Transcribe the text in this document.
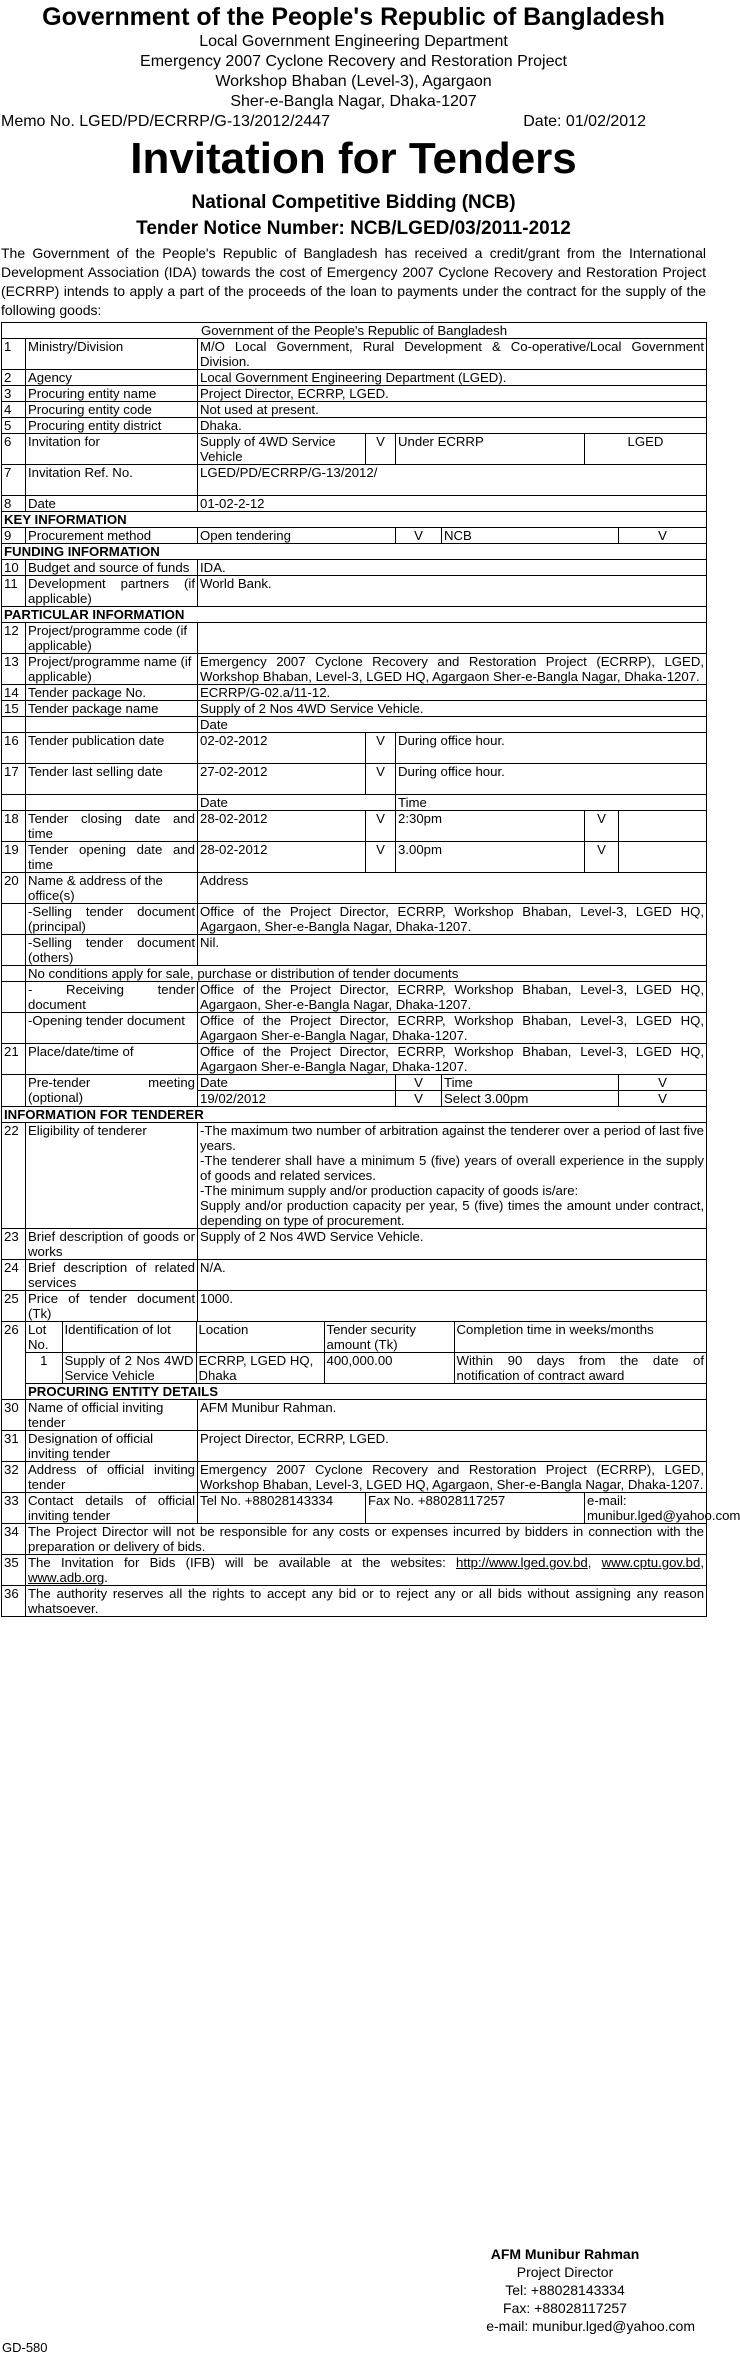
Government of the People's Republic of Bangladesh

Local Government Engineering Department

Emergency 2007 Cyclone Recovery and Restoration Project

Workshop Bhaban (Level-3), Agargaon

Sher-e-Bangla Nagar, Dhaka-1207

Memo No. LGED/PD/ECRRP/G-13/2012/2447	Date: 01/02/2012

Invitation for Tenders

National Competitive Bidding (NCB)

Tender Notice Number: NCB/LGED/03/2011-2012

The Government of the People's Republic of Bangladesh has received a credit/grant from the International Development Association (IDA) towards the cost of Emergency 2007 Cyclone Recovery and Restoration Project (ECRRP) intends to apply a part of the proceeds of the loan to payments under the contract for the supply of the following goods:

Government of the People's Republic of Bangladesh
1	Ministry/Division	M/O Local Government, Rural Development & Co-operative/Local Government Division.
2	Agency	Local Government Engineering Department (LGED).
3	Procuring entity name	Project Director, ECRRP, LGED.
4	Procuring entity code	Not used at present.
5	Procuring entity district	Dhaka.
6	Invitation for	Supply of 4WD Service Vehicle	V	Under ECRRP	LGED
7	Invitation Ref. No.	LGED/PD/ECRRP/G-13/2012/
8	Date	01-02-2-12
KEY INFORMATION
9	Procurement method	Open tendering	V	NCB	V
FUNDING INFORMATION
10	Budget and source of funds	IDA.
11	Development partners (if applicable)	World Bank.
PARTICULAR INFORMATION
12	Project/programme code (if applicable)	
13	Project/programme name (if applicable)	Emergency 2007 Cyclone Recovery and Restoration Project (ECRRP), LGED, Workshop Bhaban, Level-3, LGED HQ, Agargaon Sher-e-Bangla Nagar, Dhaka-1207.
14	Tender package No.	ECRRP/G-02.a/11-12.
15	Tender package name	Supply of 2 Nos 4WD Service Vehicle.
		Date
16	Tender publication date	02-02-2012	V	During office hour.
17	Tender last selling date	27-02-2012	V	During office hour.
		Date	Time
18	Tender closing date and time	28-02-2012	V	2:30pm	V	
19	Tender opening date and time	28-02-2012	V	3.00pm	V	
20	Name & address of the office(s)	Address
	-Selling tender document (principal)	Office of the Project Director, ECRRP, Workshop Bhaban, Level-3, LGED HQ, Agargaon, Sher-e-Bangla Nagar, Dhaka-1207.
	-Selling tender document (others)	Nil.
	No conditions apply for sale, purchase or distribution of tender documents
	- Receiving tender document	Office of the Project Director, ECRRP, Workshop Bhaban, Level-3, LGED HQ, Agargaon, Sher-e-Bangla Nagar, Dhaka-1207.
	-Opening tender document	Office of the Project Director, ECRRP, Workshop Bhaban, Level-3, LGED HQ, Agargaon Sher-e-Bangla Nagar, Dhaka-1207.
21	Place/date/time of	Office of the Project Director, ECRRP, Workshop Bhaban, Level-3, LGED HQ, Agargaon Sher-e-Bangla Nagar, Dhaka-1207.
	Pre-tender meeting (optional)	Date	V	Time	V
19/02/2012	V	Select 3.00pm	V
INFORMATION FOR TENDERER
22	Eligibility of tenderer	-The maximum two number of arbitration against the tenderer over a period of last five years.
-The tenderer shall have a minimum 5 (five) years of overall experience in the supply of goods and related services.
-The minimum supply and/or production capacity of goods is/are:
Supply and/or production capacity per year, 5 (five) times the amount under contract, depending on type of procurement.

23	Brief description of goods or works	Supply of 2 Nos 4WD Service Vehicle.
24	Brief description of related services	N/A.
25	Price of tender document (Tk)	1000.
26	Lot No.	Identification of lot	Location	Tender security amount (Tk)	Completion time in weeks/months
1	Supply of 2 Nos 4WD Service Vehicle	ECRRP, LGED HQ, Dhaka	400,000.00	Within 90 days from the date of notification of contract award

PROCURING ENTITY DETAILS
30	Name of official inviting tender	AFM Munibur Rahman.
31	Designation of official inviting tender	Project Director, ECRRP, LGED.
32	Address of official inviting tender	Emergency 2007 Cyclone Recovery and Restoration Project (ECRRP), LGED, Workshop Bhaban, Level-3, LGED HQ, Agargaon, Sher-e-Bangla Nagar, Dhaka-1207.
33	Contact details of official inviting tender	Tel No. +88028143334	Fax No. +88028117257	e-mail: munibur.lged@yahoo.com
34	The Project Director will not be responsible for any costs or expenses incurred by bidders in connection with the preparation or delivery of bids.
35	The Invitation for Bids (IFB) will be available at the websites: http://www.lged.gov.bd, www.cptu.gov.bd, www.adb.org.
36	The authority reserves all the rights to accept any bid or to reject any or all bids without assigning any reason whatsoever.
AFM Munibur Rahman
Project Director
Tel: +88028143334
Fax: +88028117257
e-mail: munibur.lged@yahoo.com
GD-580
